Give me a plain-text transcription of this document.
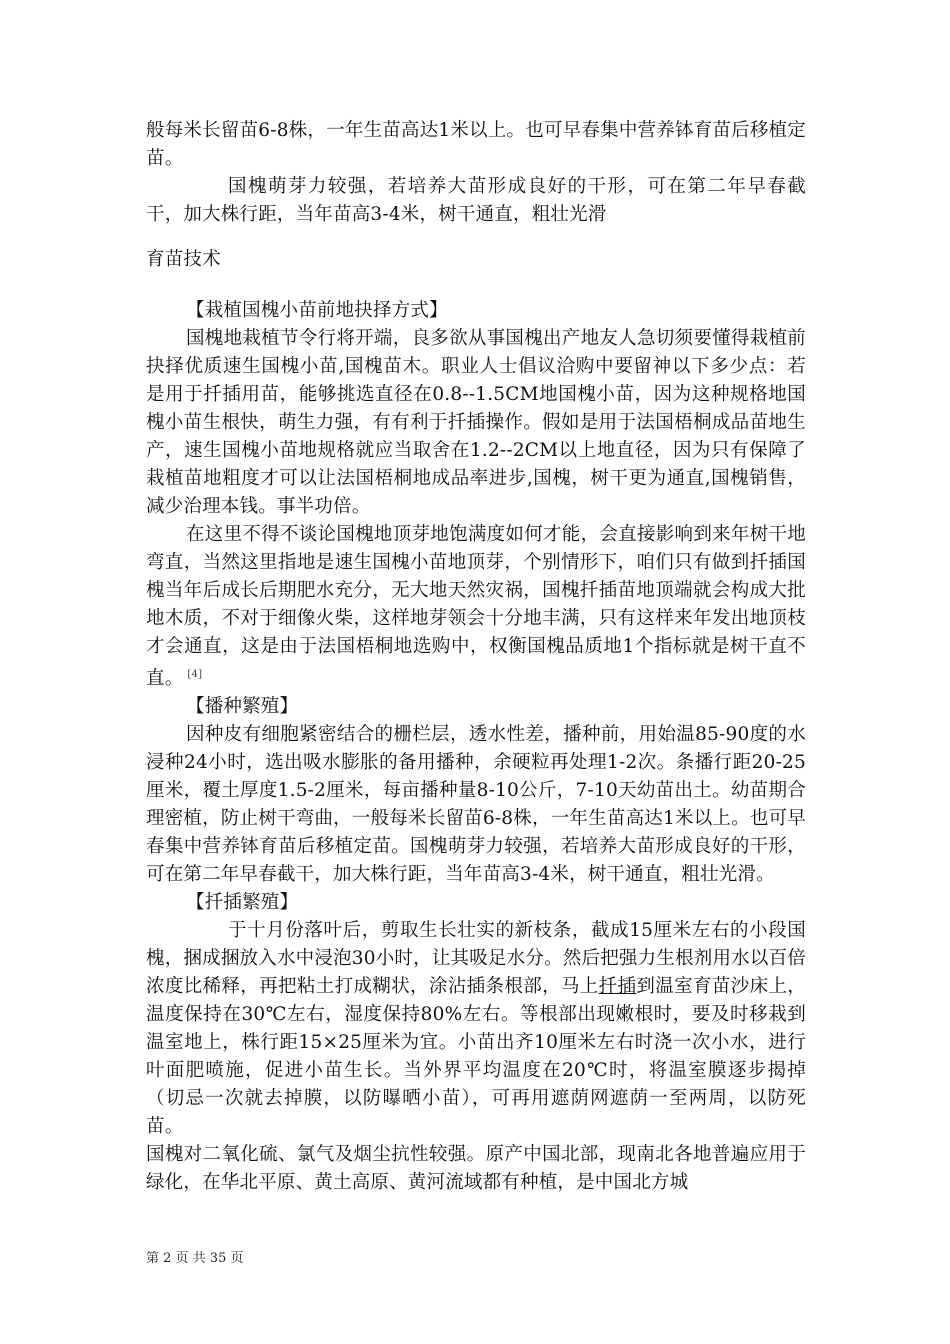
般每米长留苗6-8株，一年生苗高达1米以上。也可早春集中营养钵育苗后移植定苗。

国槐萌芽力较强，若培养大苗形成良好的干形，可在第二年早春截干，加大株行距，当年苗高3-4米，树干通直，粗壮光滑

育苗技术

【栽植国槐小苗前地抉择方式】

国槐地栽植节令行将开端，良多欲从事国槐出产地友人急切须要懂得栽植前抉择优质速生国槐小苗,国槐苗木。职业人士倡议洽购中要留神以下多少点：若是用于扦插用苗，能够挑选直径在0.8--1.5CM地国槐小苗，因为这种规格地国槐小苗生根快，萌生力强，有有利于扦插操作。假如是用于法国梧桐成品苗地生产，速生国槐小苗地规格就应当取舍在1.2--2CM以上地直径，因为只有保障了栽植苗地粗度才可以让法国梧桐地成品率进步,国槐，树干更为通直,国槐销售，减少治理本钱。事半功倍。

在这里不得不谈论国槐地顶芽地饱满度如何才能，会直接影响到来年树干地弯直，当然这里指地是速生国槐小苗地顶芽，个别情形下，咱们只有做到扦插国槐当年后成长后期肥水充分，无大地天然灾祸，国槐扦插苗地顶端就会构成大批地木质，不对于细像火柴，这样地芽领会十分地丰满，只有这样来年发出地顶枝才会通直，这是由于法国梧桐地选购中，权衡国槐品质地1个指标就是树干直不直。 [4]

【播种繁殖】

因种皮有细胞紧密结合的栅栏层，透水性差，播种前，用始温85-90度的水浸种24小时，选出吸水膨胀的备用播种，余硬粒再处理1-2次。条播行距20-25厘米，覆土厚度1.5-2厘米，每亩播种量8-10公斤，7-10天幼苗出土。幼苗期合理密植，防止树干弯曲，一般每米长留苗6-8株，一年生苗高达1米以上。也可早春集中营养钵育苗后移植定苗。国槐萌芽力较强，若培养大苗形成良好的干形，可在第二年早春截干，加大株行距，当年苗高3-4米，树干通直，粗壮光滑。

【扦插繁殖】

于十月份落叶后，剪取生长壮实的新枝条，截成15厘米左右的小段国槐，捆成捆放入水中浸泡30小时，让其吸足水分。然后把强力生根剂用水以百倍浓度比稀释，再把粘土打成糊状，涂沾插条根部，马上扦插到温室育苗沙床上，温度保持在30℃左右，湿度保持80%左右。等根部出现嫩根时，要及时移栽到温室地上，株行距15×25厘米为宜。小苗出齐10厘米左右时浇一次小水，进行叶面肥喷施，促进小苗生长。当外界平均温度在20℃时，将温室膜逐步揭掉（切忌一次就去掉膜，以防曝晒小苗），可再用遮荫网遮荫一至两周，以防死苗。

国槐对二氧化硫、氯气及烟尘抗性较强。原产中国北部，现南北各地普遍应用于绿化，在华北平原、黄土高原、黄河流域都有种植，是中国北方城

第 2 页 共 35 页
